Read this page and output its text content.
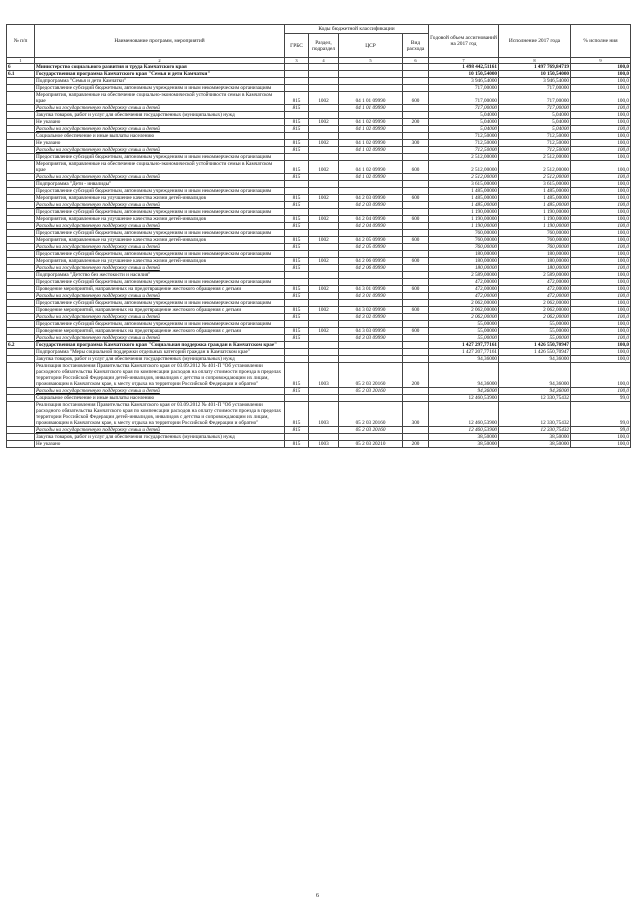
№ п/п	Наименование программ, мероприятий	Коды бюджетной классификации				Годовой объем ассигнований на 2017 год	Исполнение 2017 года	% исполне ния
		ГРБС	Раздел, подраздел	ЦСР	Вид расхода			
1	2	3	4	5	6	7	8	9
6	Министерство социального развития и труда Камчатского края					1 498 442,51161	1 497 769,84719	100,0
6.1	Государственная программа Камчатского края "Семья и дети Камчатки"					10 150,54000	10 150,54000	100,0
	Подпрограмма "Семья и дети Камчатки"					3 946,54000	3 946,54000	100,0
	Предоставление субсидий бюджетным, автономным учреждениям и иным некоммерческим организациям					717,00000	717,00000	100,0
	Мероприятия, направленные на обеспечение социально-экономической устойчивости семьи в Камчатском крае	815	1002	04 1 01 09990	600	717,00000	717,00000	100,0
	Расходы на государственную поддержку семьи и детей	815		04 1 01 09990		717,00000	717,00000	100,0
	Закупка товаров, работ и услуг для обеспечения государственных (муниципальных) нужд					5,04000	5,04000	100,0
	Не указано	815	1002	04 1 02 09990	200	5,04000	5,04000	100,0
	Расходы на государственную поддержку семьи и детей	815		04 1 02 09990		5,04000	5,04000	100,0
	Социальное обеспечение и иные выплаты населению					712,50000	712,50000	100,0
	Не указано	815	1002	04 1 02 09990	300	712,50000	712,50000	100,0
	Расходы на государственную поддержку семьи и детей	815		04 1 02 09990		712,50000	712,50000	100,0
	Предоставление субсидий бюджетным, автономным учреждениям и иным некоммерческим организациям					2 512,00000	2 512,00000	100,0
	Мероприятия, направленные на обеспечение социально-экономической устойчивости семьи в Камчатском крае	815	1002	04 1 02 09990	600	2 512,00000	2 512,00000	100,0
	Расходы на государственную поддержку семьи и детей	815		04 1 02 09990		2 512,00000	2 512,00000	100,0
	Подпрограмма "Дети - инвалиды"					3 615,00000	3 615,00000	100,0
	Предоставление субсидий бюджетным, автономным учреждениям и иным некоммерческим организациям					1 485,00000	1 485,00000	100,0
	Мероприятия, направленные на улучшение качества жизни детей-инвалидов	815	1002	04 2 03 09990	600	1 485,00000	1 485,00000	100,0
	Расходы на государственную поддержку семьи и детей	815		04 2 03 09990		1 485,00000	1 485,00000	100,0
	Предоставление субсидий бюджетным, автономным учреждениям и иным некоммерческим организациям					1 190,00000	1 190,00000	100,0
	Мероприятия, направленные на улучшение качества жизни детей-инвалидов	815	1002	04 2 04 09990	600	1 190,00000	1 190,00000	100,0
	Расходы на государственную поддержку семьи и детей	815		04 2 04 09990		1 190,00000	1 190,00000	100,0
	Предоставление субсидий бюджетным, автономным учреждениям и иным некоммерческим организациям					760,00000	760,00000	100,0
	Мероприятия, направленные на улучшение качества жизни детей-инвалидов	815	1002	04 2 05 09990	600	760,00000	760,00000	100,0
	Расходы на государственную поддержку семьи и детей	815		04 2 05 09990		760,00000	760,00000	100,0
	Предоставление субсидий бюджетным, автономным учреждениям и иным некоммерческим организациям					180,00000	180,00000	100,0
	Мероприятия, направленные на улучшение качества жизни детей-инвалидов	815	1002	04 2 06 09990	600	180,00000	180,00000	100,0
	Расходы на государственную поддержку семьи и детей	815		04 2 06 09990		180,00000	180,00000	100,0
	Подпрограмма "Детство без жестокости и насилия"					2 589,00000	2 589,00000	100,0
	Предоставление субсидий бюджетным, автономным учреждениям и иным некоммерческим организациям					472,00000	472,00000	100,0
	Проведение мероприятий, направленных на предотвращение жестокого обращения с детьми	815	1002	04 3 01 09990	600	472,00000	472,00000	100,0
	Расходы на государственную поддержку семьи и детей	815		04 3 01 09990		472,00000	472,00000	100,0
	Предоставление субсидий бюджетным, автономным учреждениям и иным некоммерческим организациям					2 062,00000	2 062,00000	100,0
	Проведение мероприятий, направленных на предотвращение жестокого обращения с детьми	815	1002	04 3 02 09990	600	2 062,00000	2 062,00000	100,0
	Расходы на государственную поддержку семьи и детей	815		04 3 02 09990		2 062,00000	2 062,00000	100,0
	Предоставление субсидий бюджетным, автономным учреждениям и иным некоммерческим организациям					55,00000	55,00000	100,0
	Проведение мероприятий, направленных на предотвращение жестокого обращения с детьми	815	1002	04 3 03 09990	600	55,00000	55,00000	100,0
	Расходы на государственную поддержку семьи и детей	815		04 3 03 09990		55,00000	55,00000	100,0
6.2	Государственная программа Камчатского края "Социальная поддержка граждан в Камчатском крае"					1 427 297,77161	1 426 550,70947	100,0
	Подпрограмма "Меры социальной поддержки отдельных категорий граждан в Камчатском крае"					1 427 207,77161	1 426 550,70947	100,0
	Закупка товаров, работ и услуг для обеспечения государственных (муниципальных) нужд					94,36000	94,36000	100,0
	Реализация постановления Правительства Камчатского края от 03.09.2012 № 401-П "Об установлении расходного обязательства Камчатского края по компенсации расходов на оплату стоимости проезда в пределах территории Российской Федерации детей-инвалидов, инвалидов с детства и сопровождающим их лицам, проживающим в Камчатском крае, к месту отдыха на территории Российской Федерации и обратно"	815	1003	05 2 03 20160	200	94,36000	94,36000	100,0
	Расходы на государственную поддержку семьи и детей	815		05 2 03 20160		94,36000	94,36000	100,0
	Социальное обеспечение и иные выплаты населению					12 460,53900	12 330,75432	99,0
	Реализация постановления Правительства Камчатского края от 03.09.2012 № 401-П "Об установлении расходного обязательства Камчатского края по компенсации расходов на оплату стоимости проезда в пределах территории Российской Федерации детей-инвалидов, инвалидов с детства и сопровождающим их лицам, проживающим в Камчатском крае, к месту отдыха на территории Российской Федерации и обратно"	815	1003	05 2 03 20160	300	12 460,53900	12 330,75432	99,0
	Расходы на государственную поддержку семьи и детей	815		05 2 03 20160		12 460,53900	12 330,75432	99,0
	Закупка товаров, работ и услуг для обеспечения государственных (муниципальных) нужд					38,50000	38,50000	100,0
	Не указано	815	1003	05 2 03 20210	200	38,50000	38,50000	100,0
6
